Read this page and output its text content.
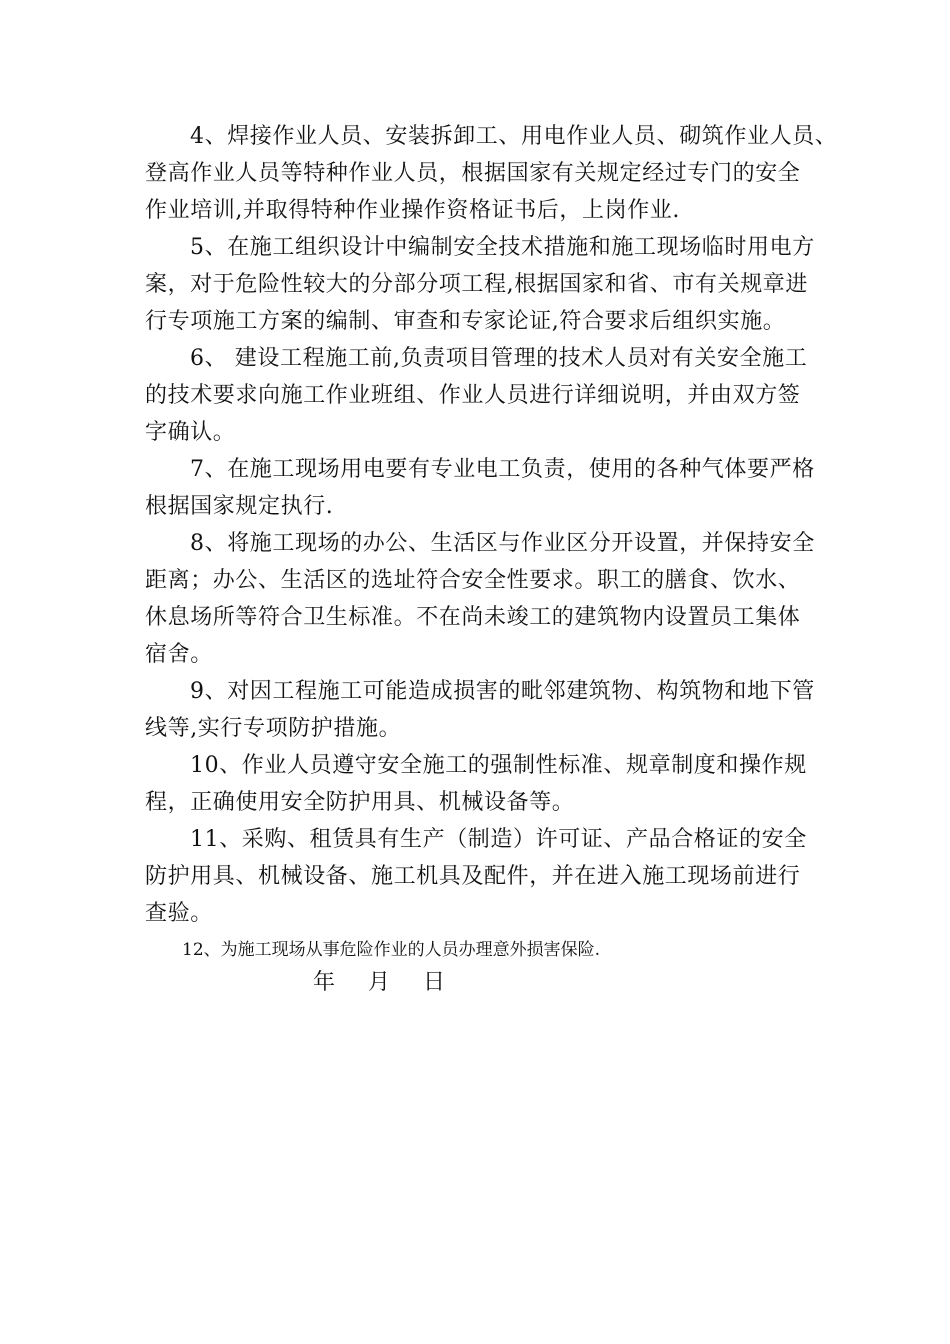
4、焊接作业人员、安装拆卸工、用电作业人员、砌筑作业人员、
登高作业人员等特种作业人员，根据国家有关规定经过专门的安全
作业培训,并取得特种作业操作资格证书后，上岗作业.
5、在施工组织设计中编制安全技术措施和施工现场临时用电方
案，对于危险性较大的分部分项工程,根据国家和省、市有关规章进
行专项施工方案的编制、审查和专家论证,符合要求后组织实施。
6、 建设工程施工前,负责项目管理的技术人员对有关安全施工
的技术要求向施工作业班组、作业人员进行详细说明，并由双方签
字确认。
7、在施工现场用电要有专业电工负责，使用的各种气体要严格
根据国家规定执行.
8、将施工现场的办公、生活区与作业区分开设置，并保持安全
距离；办公、生活区的选址符合安全性要求。职工的膳食、饮水、
休息场所等符合卫生标准。不在尚未竣工的建筑物内设置员工集体
宿舍。
9、对因工程施工可能造成损害的毗邻建筑物、构筑物和地下管
线等,实行专项防护措施。
10、作业人员遵守安全施工的强制性标准、规章制度和操作规
程，正确使用安全防护用具、机械设备等。
11、采购、租赁具有生产（制造）许可证、产品合格证的安全
防护用具、机械设备、施工机具及配件，并在进入施工现场前进行
查验。
12、为施工现场从事危险作业的人员办理意外损害保险.
年    月    日
